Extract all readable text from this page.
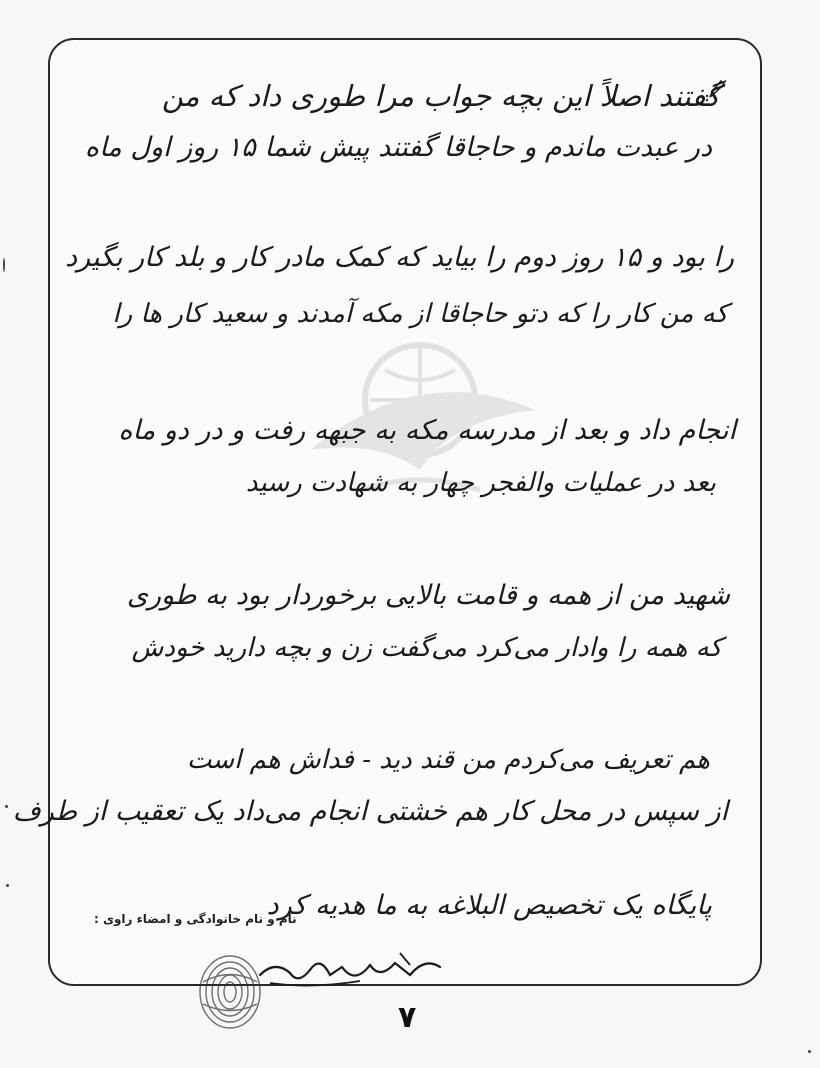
گفتند اصلاً این بچه جواب مرا طوری داد که من
در عبدت ماندم و حاجاقا گفتند پیش شما ۱۵ روز اول ماه
را بود و ۱۵ روز دوم را بیاید که کمک مادر کار و بلد کار بگیرد
که من کار را که دتو حاجاقا از مکه آمدند و سعید کار ها را
انجام داد و بعد از مدرسه مکه به جبهه رفت و در دو ماه
بعد در عملیات والفجر چهار به شهادت رسید
شهید من از همه و قامت بالایی برخوردار بود به طوری
که همه را وادار می‌کرد می‌گفت زن و بچه دارید خودش
هم تعریف می‌کردم من قند دید - فداش هم است
از سپس در محل کار هم خشتی انجام می‌داد یک تعقیب از طرف
پایگاه یک تخصیص البلاغه به ما هدیه کرد
نام و نام خانوادگی و امضاء راوی :
۷
